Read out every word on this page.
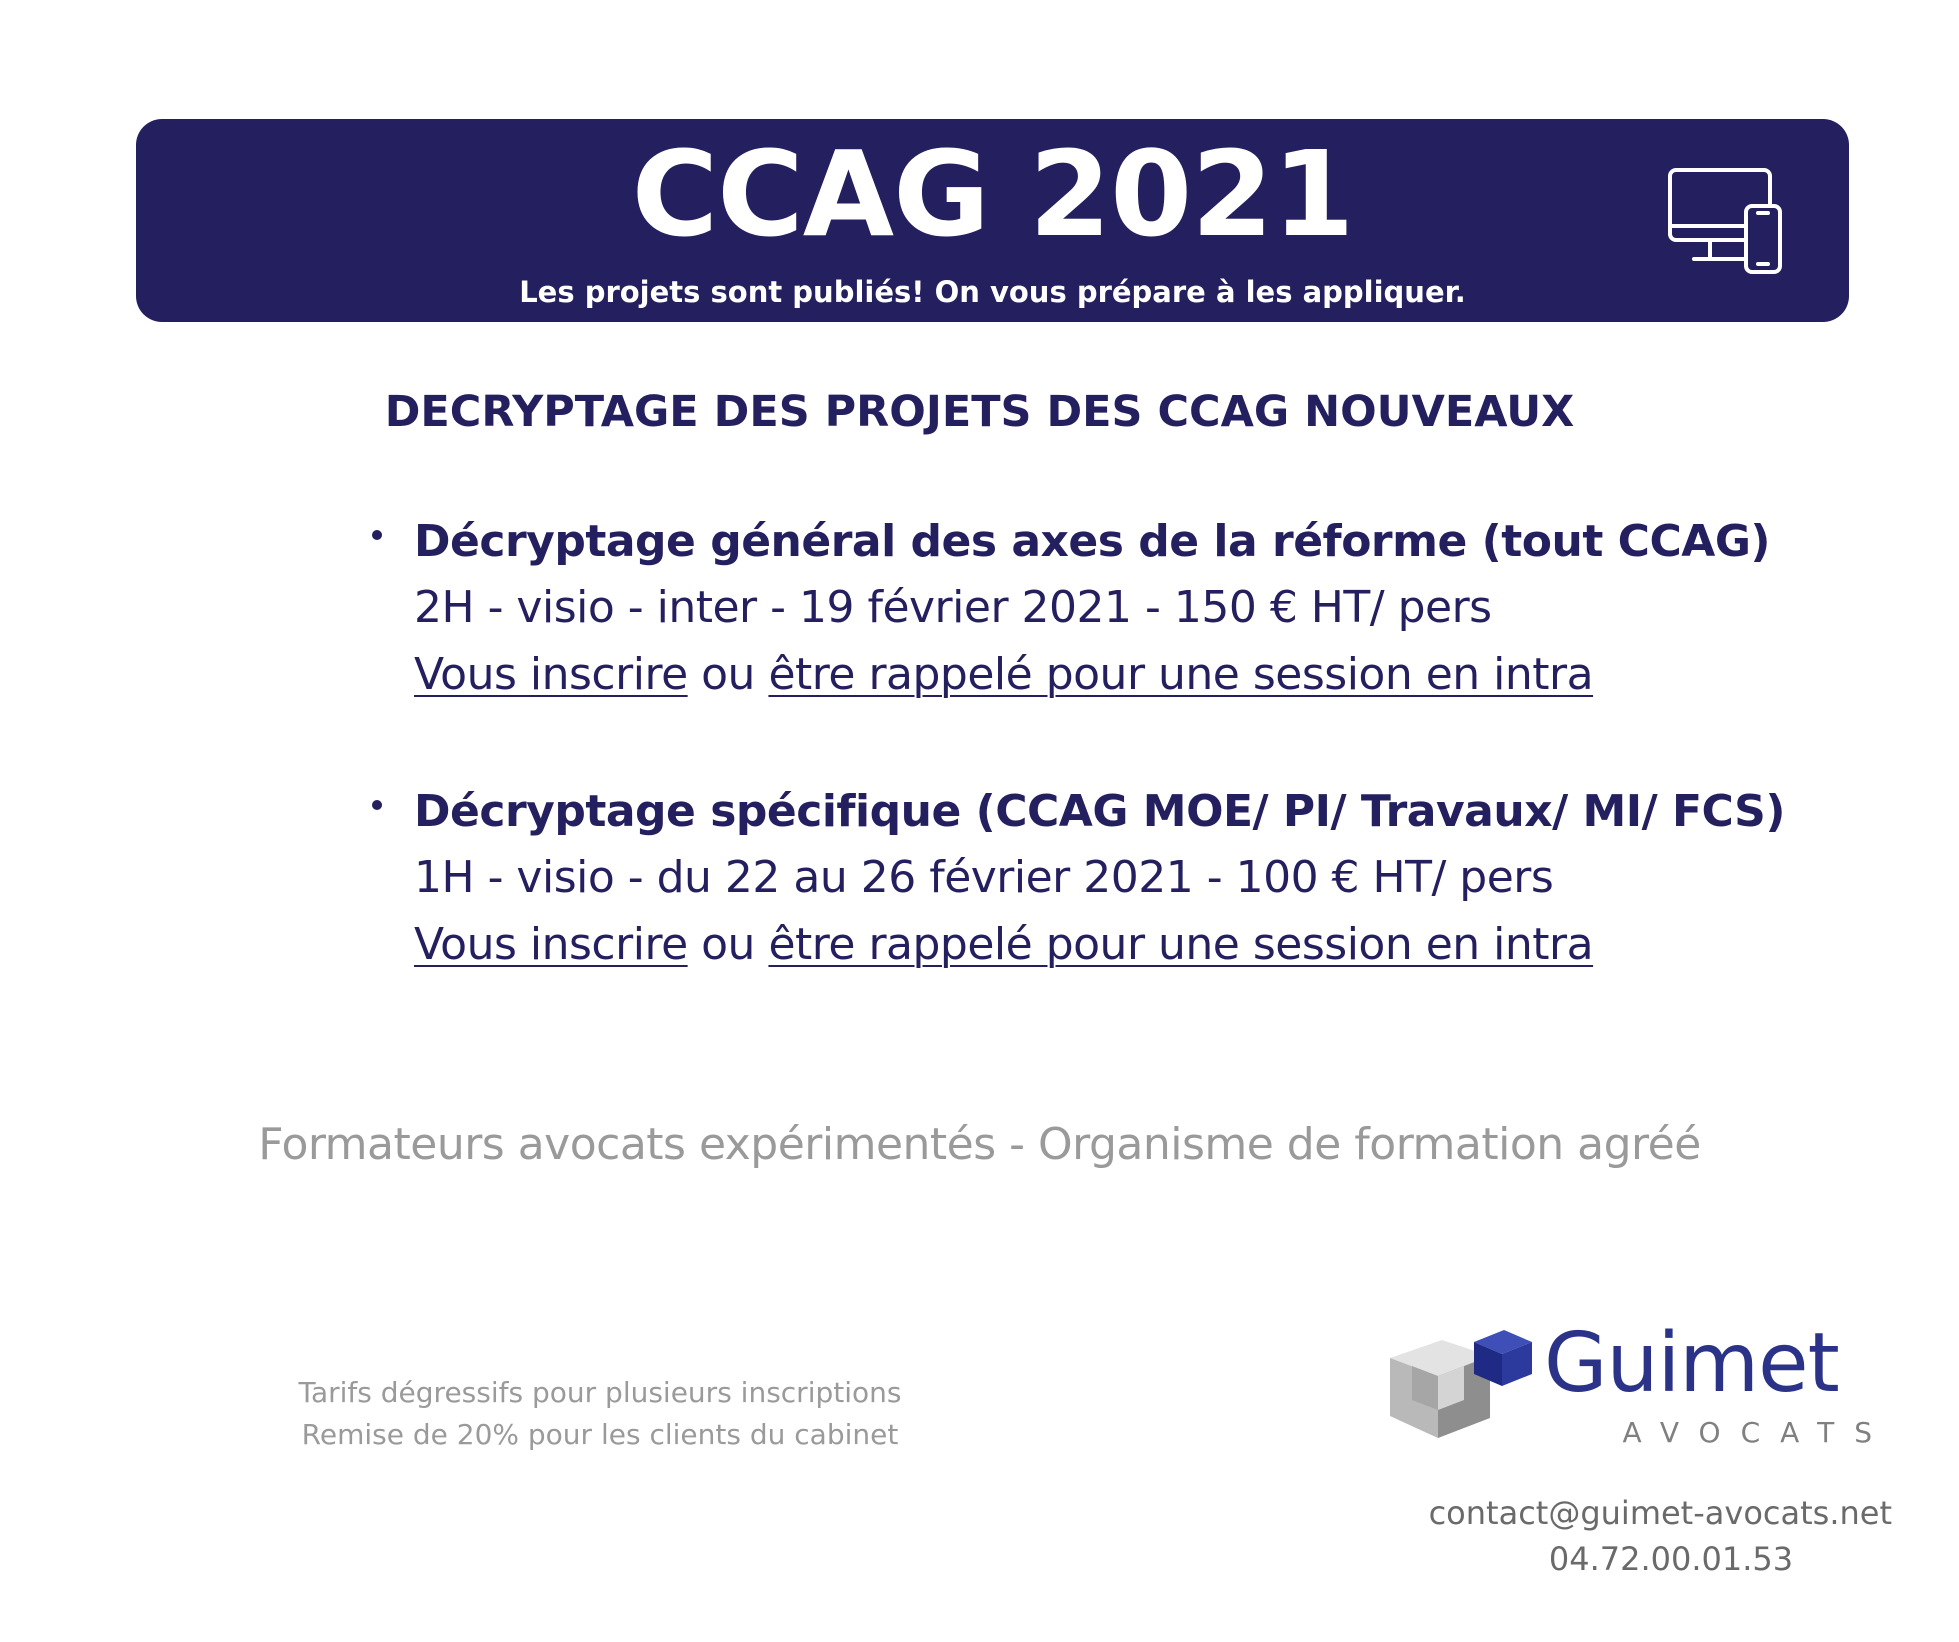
CCAG 2021
Les projets sont publiés! On vous prépare à les appliquer.
DECRYPTAGE DES PROJETS DES CCAG NOUVEAUX
Décryptage général des axes de la réforme (tout CCAG)
2H - visio - inter - 19 février 2021 - 150 € HT/ pers
Vous inscrire ou être rappelé pour une session en intra
Décryptage spécifique (CCAG MOE/ PI/ Travaux/ MI/ FCS)
1H - visio - du 22 au 26 février 2021 - 100 € HT/ pers
Vous inscrire ou être rappelé pour une session en intra
Formateurs avocats expérimentés - Organisme de formation agréé
Tarifs dégressifs pour plusieurs inscriptions
Remise de 20% pour les clients du cabinet
Guimet
AVOCATS
contact@guimet-avocats.net
04.72.00.01.53
